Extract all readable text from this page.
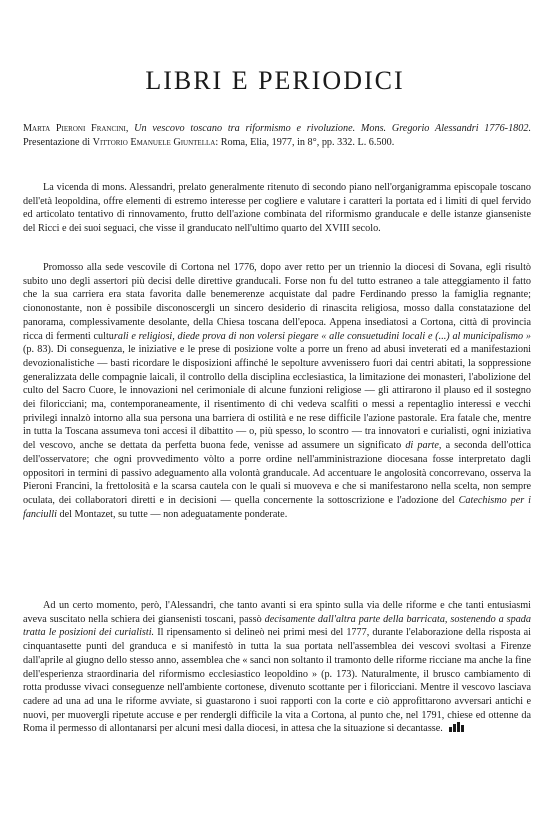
LIBRI E PERIODICI

Marta Pieroni Francini, Un vescovo toscano tra riformismo e rivoluzione. Mons. Gregorio Alessandri 1776-1802. Presentazione di Vittorio Emanuele Giuntella: Roma, Elia, 1977, in 8°, pp. 332. L. 6.500.

La vicenda di mons. Alessandri, prelato generalmente ritenuto di secondo piano nell'organigramma episcopale toscano dell'età leopoldina, offre elementi di estremo interesse per cogliere e valutare i caratteri la portata ed i limiti di quel fervido ed articolato tentativo di rinnovamento, frutto dell'azione combinata del riformismo granducale e delle istanze gianseniste del Ricci e dei suoi seguaci, che visse il granducato nell'ultimo quarto del XVIII secolo.

Promosso alla sede vescovile di Cortona nel 1776, dopo aver retto per un triennio la diocesi di Sovana, egli risultò subito uno degli assertori più decisi delle direttive granducali. Forse non fu del tutto estraneo a tale atteggiamento il fatto che la sua carriera era stata favorita dalle benemerenze acquistate dal padre Ferdinando presso la famiglia regnante; ciononostante, non è possibile disconoscergli un sincero desiderio di rinascita religiosa, mosso dalla constatazione del panorama, complessivamente desolante, della Chiesa toscana dell'epoca. Appena insediatosi a Cortona, città di provincia ricca di fermenti culturali e religiosi, diede prova di non volersi piegare « alle consuetudini locali e (...) al municipalismo » (p. 83). Di conseguenza, le iniziative e le prese di posizione volte a porre un freno ad abusi inveterati ed a manifestazioni devozionalistiche — basti ricordare le disposizioni affinché le sepolture avvenissero fuori dai centri abitati, la soppressione generalizzata delle compagnie laicali, il controllo della disciplina ecclesiastica, la limitazione dei monasteri, l'abolizione del culto del Sacro Cuore, le innovazioni nel cerimoniale di alcune funzioni religiose — gli attirarono il plauso ed il sostegno dei filoricciani; ma, contemporaneamente, il risentimento di chi vedeva scalfiti o messi a repentaglio interessi e vecchi privilegi innalzò intorno alla sua persona una barriera di ostilità e ne rese difficile l'azione pastorale. Era fatale che, mentre in tutta la Toscana assumeva toni accesi il dibattito — o, più spesso, lo scontro — tra innovatori e curialisti, ogni iniziativa del vescovo, anche se dettata da perfetta buona fede, venisse ad assumere un significato di parte, a seconda dell'ottica dell'osservatore; che ogni provvedimento vòlto a porre ordine nell'amministrazione diocesana fosse interpretato dagli oppositori in termini di passivo adeguamento alla volontà granducale. Ad accentuare le angolosità concorrevano, osserva la Pieroni Francini, la frettolosità e la scarsa cautela con le quali si muoveva e che si manifestarono nella scelta, non sempre oculata, dei collaboratori diretti e in decisioni — quella concernente la sottoscrizione e l'adozione del Catechismo per i fanciulli del Montazet, su tutte — non adeguatamente ponderate.

Ad un certo momento, però, l'Alessandri, che tanto avanti si era spinto sulla via delle riforme e che tanti entusiasmi aveva suscitato nella schiera dei giansenisti toscani, passò decisamente dall'altra parte della barricata, sostenendo a spada tratta le posizioni dei curialisti. Il ripensamento si delineò nei primi mesi del 1777, durante l'elaborazione della risposta ai cinquantasette punti del granduca e si manifestò in tutta la sua portata nell'assemblea dei vescovi svoltasi a Firenze dall'aprile al giugno dello stesso anno, assemblea che « sancì non soltanto il tramonto delle riforme ricciane ma anche la fine dell'esperienza straordinaria del riformismo ecclesiastico leopoldino » (p. 173). Naturalmente, il brusco cambiamento di rotta produsse vivaci conseguenze nell'ambiente cortonese, divenuto scottante per i filoricciani. Mentre il vescovo lasciava cadere ad una ad una le riforme avviate, si guastarono i suoi rapporti con la corte e ciò approfittarono avversari antichi e nuovi, per muovergli ripetute accuse e per rendergli difficile la vita a Cortona, al punto che, nel 1791, chiese ed ottenne da Roma il permesso di allontanarsi per alcuni mesi dalla diocesi, in attesa che la situazione si decantasse.
